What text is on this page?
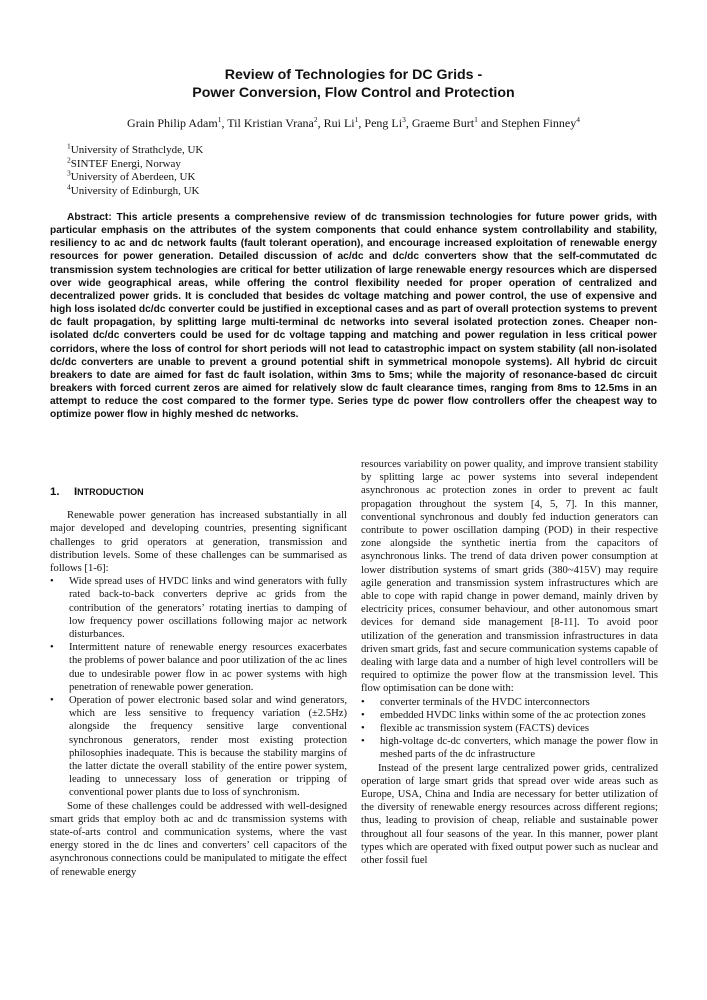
Review of Technologies for DC Grids -
Power Conversion, Flow Control and Protection
Grain Philip Adam$^1$, Til Kristian Vrana$^2$, Rui Li$^1$, Peng Li$^3$, Graeme Burt$^1$ and Stephen Finney$^4$
$^1$University of Strathclyde, UK
$^2$SINTEF Energi, Norway
$^3$University of Aberdeen, UK
$^4$University of Edinburgh, UK
Abstract: This article presents a comprehensive review of dc transmission technologies for future power grids, with particular emphasis on the attributes of the system components that could enhance system controllability and stability, resiliency to ac and dc network faults (fault tolerant operation), and encourage increased exploitation of renewable energy resources for power generation. Detailed discussion of ac/dc and dc/dc converters show that the self-commutated dc transmission system technologies are critical for better utilization of large renewable energy resources which are dispersed over wide geographical areas, while offering the control flexibility needed for proper operation of centralized and decentralized power grids. It is concluded that besides dc voltage matching and power control, the use of expensive and high loss isolated dc/dc converter could be justified in exceptional cases and as part of overall protection systems to prevent dc fault propagation, by splitting large multi-terminal dc networks into several isolated protection zones. Cheaper non-isolated dc/dc converters could be used for dc voltage tapping and matching and power regulation in less critical power corridors, where the loss of control for short periods will not lead to catastrophic impact on system stability (all non-isolated dc/dc converters are unable to prevent a ground potential shift in symmetrical monopole systems). All hybrid dc circuit breakers to date are aimed for fast dc fault isolation, within 3ms to 5ms; while the majority of resonance-based dc circuit breakers with forced current zeros are aimed for relatively slow dc fault clearance times, ranging from 8ms to 12.5ms in an attempt to reduce the cost compared to the former type. Series type dc power flow controllers offer the cheapest way to optimize power flow in highly meshed dc networks.
1. INTRODUCTION

Renewable power generation has increased substantially in all major developed and developing countries, presenting significant challenges to grid operators at generation, transmission and distribution levels. Some of these challenges can be summarised as follows [1-6]:

•	Wide spread uses of HVDC links and wind generators with fully rated back-to-back converters deprive ac grids from the contribution of the generators’ rotating inertias to damping of low frequency power oscillations following major ac network disturbances.
•	Intermittent nature of renewable energy resources exacerbates the problems of power balance and poor utilization of the ac lines due to undesirable power flow in ac power systems with high penetration of renewable power generation.
•	Operation of power electronic based solar and wind generators, which are less sensitive to frequency variation (±2.5Hz) alongside the frequency sensitive large conventional synchronous generators, render most existing protection philosophies inadequate. This is because the stability margins of the latter dictate the overall stability of the entire power system, leading to unnecessary loss of generation or tripping of conventional power plants due to loss of synchronism.

Some of these challenges could be addressed with well-designed smart grids that employ both ac and dc transmission systems with state-of-arts control and communication systems, where the vast energy stored in the dc lines and converters’ cell capacitors of the asynchronous connections could be manipulated to mitigate the effect of renewable energy

resources variability on power quality, and improve transient stability by splitting large ac power systems into several independent asynchronous ac protection zones in order to prevent ac fault propagation throughout the system [4, 5, 7]. In this manner, conventional synchronous and doubly fed induction generators can contribute to power oscillation damping (POD) in their respective zone alongside the synthetic inertia from the capacitors of asynchronous links. The trend of data driven power consumption at lower distribution systems of smart grids (380~415V) may require agile generation and transmission system infrastructures which are able to cope with rapid change in power demand, mainly driven by electricity prices, consumer behaviour, and other autonomous smart devices for demand side management [8-11]. To avoid poor utilization of the generation and transmission infrastructures in data driven smart grids, fast and secure communication systems capable of dealing with large data and a number of high level controllers will be required to optimize the power flow at the transmission level. This flow optimisation can be done with:

•	converter terminals of the HVDC interconnectors
•	embedded HVDC links within some of the ac protection zones
•	flexible ac transmission system (FACTS) devices
•	high-voltage dc-dc converters, which manage the power flow in meshed parts of the dc infrastructure

Instead of the present large centralized power grids, centralized operation of large smart grids that spread over wide areas such as Europe, USA, China and India are necessary for better utilization of the diversity of renewable energy resources across different regions; thus, leading to provision of cheap, reliable and sustainable power throughout all four seasons of the year. In this manner, power plant types which are operated with fixed output power such as nuclear and other fossil fuel
